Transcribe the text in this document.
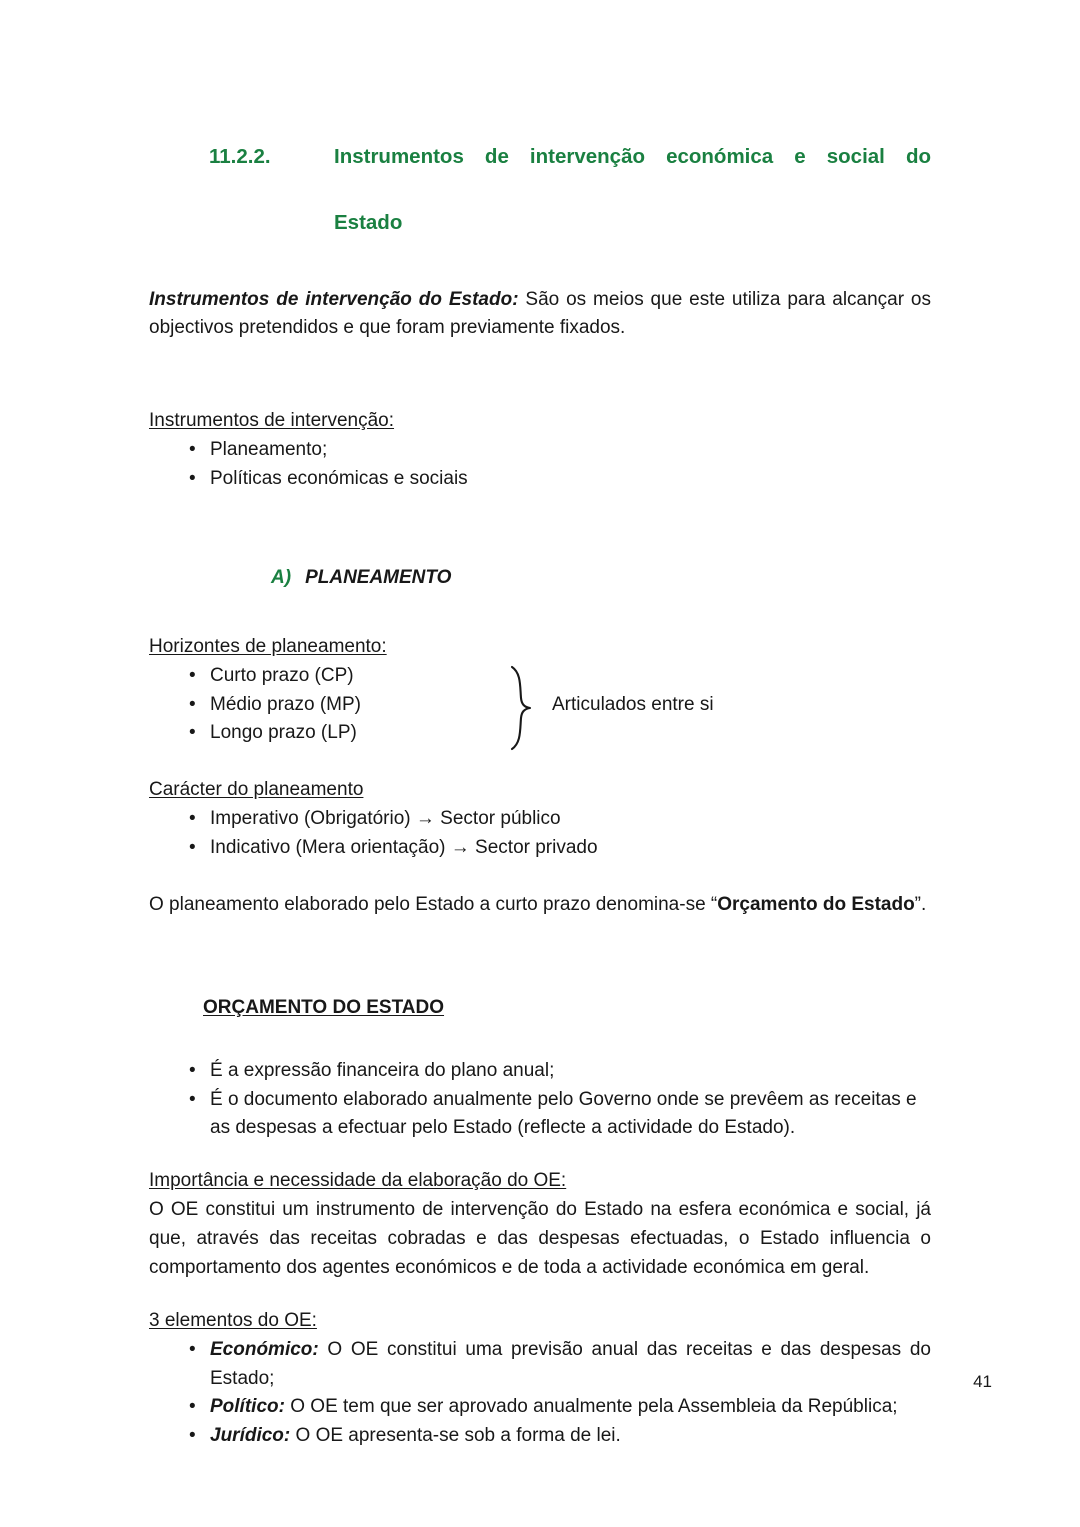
11.2.2.	Instrumentos de intervenção económica e social do
Estado

Instrumentos de intervenção do Estado: São os meios que este utiliza para alcançar os objectivos pretendidos e que foram previamente fixados.

Instrumentos de intervenção:
• Planeamento;
• Políticas económicas e sociais
A) PLANEAMENTO
Horizontes de planeamento:
• Curto prazo (CP)
• Médio prazo (MP)
• Longo prazo (LP)
Articulados entre si
Carácter do planeamento
• Imperativo (Obrigatório) → Sector público
• Indicativo (Mera orientação) → Sector privado

O planeamento elaborado pelo Estado a curto prazo denomina-se “Orçamento do Estado”.

ORÇAMENTO DO ESTADO
• É a expressão financeira do plano anual;
• É o documento elaborado anualmente pelo Governo onde se prevêem as receitas e as despesas a efectuar pelo Estado (reflecte a actividade do Estado).
Importância e necessidade da elaboração do OE:

O OE constitui um instrumento de intervenção do Estado na esfera económica e social, já que, através das receitas cobradas e das despesas efectuadas, o Estado influencia o comportamento dos agentes económicos e de toda a actividade económica em geral.

3 elementos do OE:
• Económico: O OE constitui uma previsão anual das receitas e das despesas do Estado;
• Político: O OE tem que ser aprovado anualmente pela Assembleia da República;
• Jurídico: O OE apresenta-se sob a forma de lei.
41
